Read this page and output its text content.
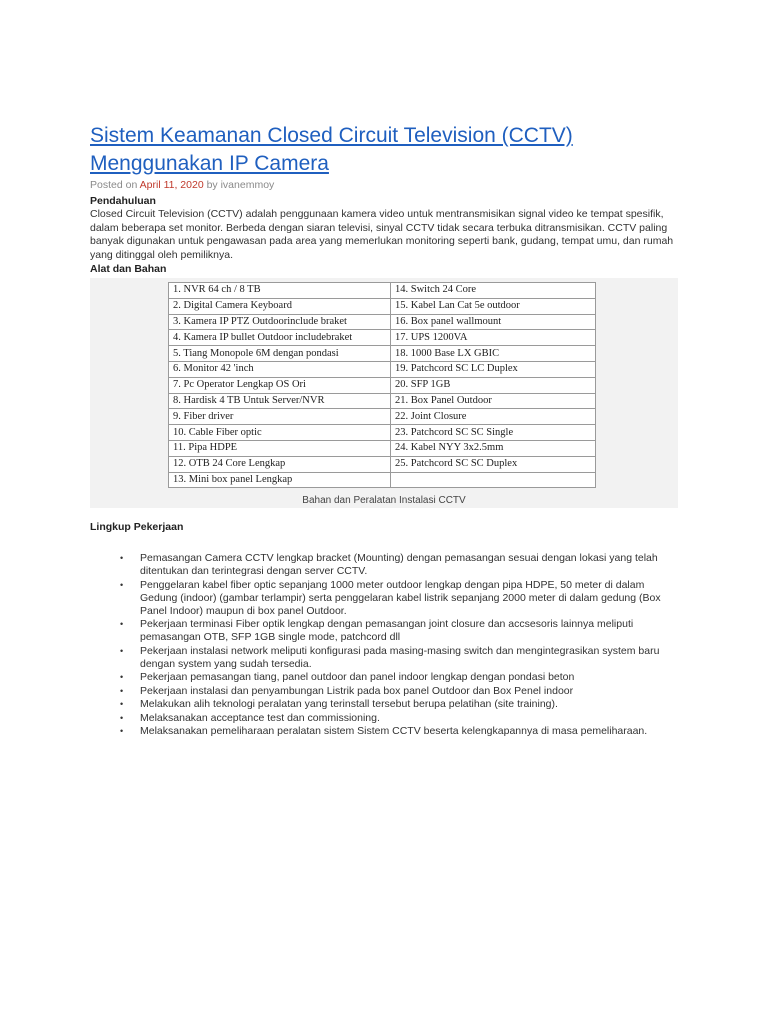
Sistem Keamanan Closed Circuit Television (CCTV) Menggunakan IP Camera
Posted on April 11, 2020 by ivanemmoy
Pendahuluan

Closed Circuit Television (CCTV) adalah penggunaan kamera video untuk mentransmisikan signal video ke tempat spesifik, dalam beberapa set monitor. Berbeda dengan siaran televisi, sinyal CCTV tidak secara terbuka ditransmisikan. CCTV paling banyak digunakan untuk pengawasan pada area yang memerlukan monitoring seperti bank, gudang, tempat umu, dan rumah yang ditinggal oleh pemiliknya.

Alat dan Bahan
1. NVR 64 ch / 8 TB	14. Switch 24 Core
2. Digital Camera Keyboard	15. Kabel Lan Cat 5e outdoor
3. Kamera IP PTZ Outdoorinclude braket	16. Box panel wallmount
4. Kamera IP bullet Outdoor includebraket	17. UPS 1200VA
5. Tiang Monopole 6M dengan pondasi	18. 1000 Base LX GBIC
6. Monitor 42 'inch	19. Patchcord SC LC Duplex
7. Pc Operator Lengkap OS Ori	20. SFP 1GB
8. Hardisk 4 TB Untuk Server/NVR	21. Box Panel Outdoor
9. Fiber driver	22. Joint Closure
10. Cable Fiber optic	23. Patchcord SC SC Single
11. Pipa HDPE	24. Kabel NYY 3x2.5mm
12. OTB 24 Core Lengkap	25. Patchcord SC SC Duplex
13. Mini box panel Lengkap	
Bahan dan Peralatan Instalasi CCTV
Lingkup Pekerjaan
• Pemasangan Camera CCTV lengkap bracket (Mounting) dengan pemasangan sesuai dengan lokasi yang telah ditentukan dan terintegrasi dengan server CCTV.
• Penggelaran kabel fiber optic sepanjang 1000 meter outdoor lengkap dengan pipa HDPE, 50 meter di dalam Gedung (indoor) (gambar terlampir) serta penggelaran kabel listrik sepanjang 2000 meter di dalam gedung (Box Panel Indoor) maupun di box panel Outdoor.
• Pekerjaan terminasi Fiber optik lengkap dengan pemasangan joint closure dan accsesoris lainnya meliputi pemasangan OTB, SFP 1GB single mode, patchcord dll
• Pekerjaan instalasi network meliputi konfigurasi pada masing-masing switch dan mengintegrasikan system baru dengan system yang sudah tersedia.
• Pekerjaan pemasangan tiang, panel outdoor dan panel indoor lengkap dengan pondasi beton
• Pekerjaan instalasi dan penyambungan Listrik pada box panel Outdoor dan Box Penel indoor
• Melakukan alih teknologi peralatan yang terinstall tersebut berupa pelatihan (site training).
• Melaksanakan acceptance test dan commissioning.
• Melaksanakan pemeliharaan peralatan sistem Sistem CCTV beserta kelengkapannya di masa pemeliharaan.
